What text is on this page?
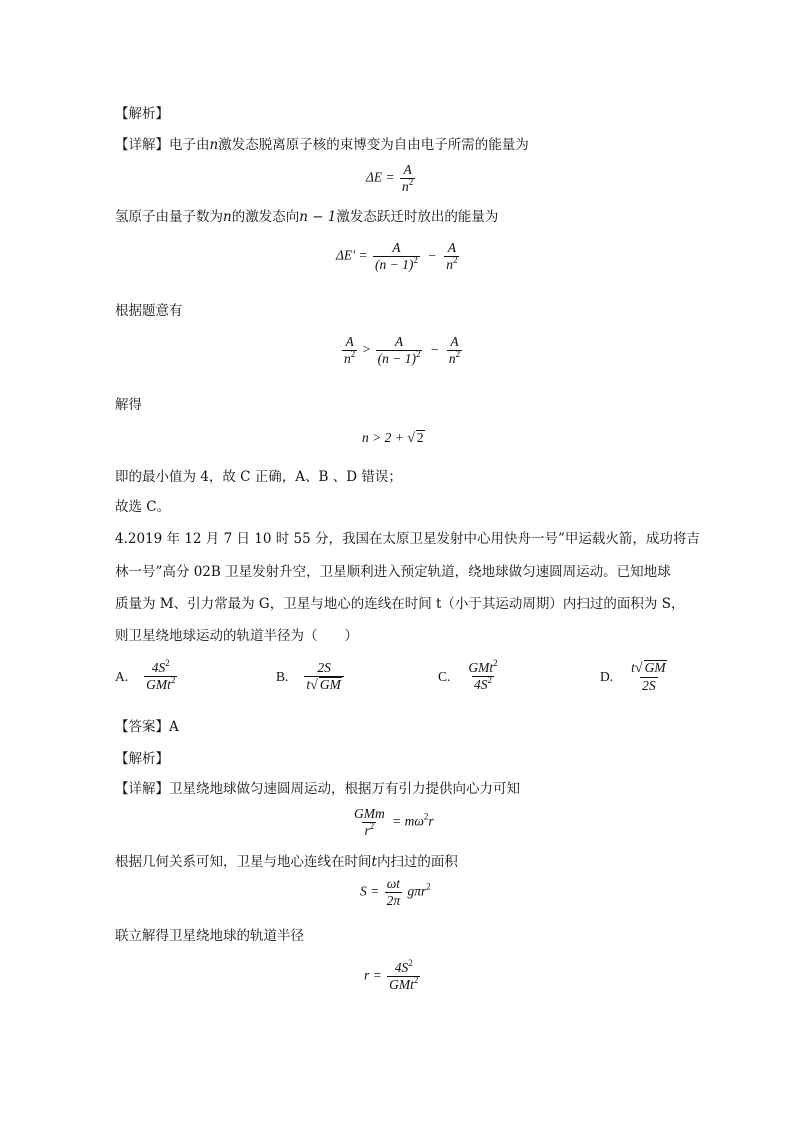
【解析】
【详解】电子由n激发态脱离原子核的束博变为自由电子所需的能量为
$\Delta E = \frac{A}{n^2}$
氢原子由量子数为n的激发态向n − 1激发态跃迁时放出的能量为
$\Delta E' = \frac{A}{(n - 1)^2} - \frac{A}{n^2}$
根据题意有
$\frac{A}{n^2} > \frac{A}{(n - 1)^2} - \frac{A}{n^2}$
解得
n > 2 + √ 2
即的最小值为 4，故 C 正确，A、B 、D 错误；
故选 C。
4.2019 年 12 月 7 日 10 时 55 分，我国在太原卫星发射中心用快舟一号”甲运载火箭，成功将吉
林一号”高分 02B 卫星发射升空，卫星顺利进入预定轨道，绕地球做匀速圆周运动。已知地球
质量为 M、引力常最为 G，卫星与地心的连线在时间 t（小于其运动周期）内扫过的面积为 S，
则卫星绕地球运动的轨道半径为（　　）
A. $\frac{4S^2}{GMt^2}$	B. $\frac{2S}{t√ GM}$	C. $\frac{GMt^2}{4S^2}$	D. $\frac{t√ GM}{2S}$
【答案】A
【解析】
【详解】卫星绕地球做匀速圆周运动，根据万有引力提供向心力可知
$\frac{\text{GMm}}{r^2} = m\omega^2r$
根据几何关系可知，卫星与地心连线在时间t内扫过的面积
$S = \frac{\omega t}{2\pi} g\pi r^2$
联立解得卫星绕地球的轨道半径
$r = \frac{4S^2}{GMt^2}$
